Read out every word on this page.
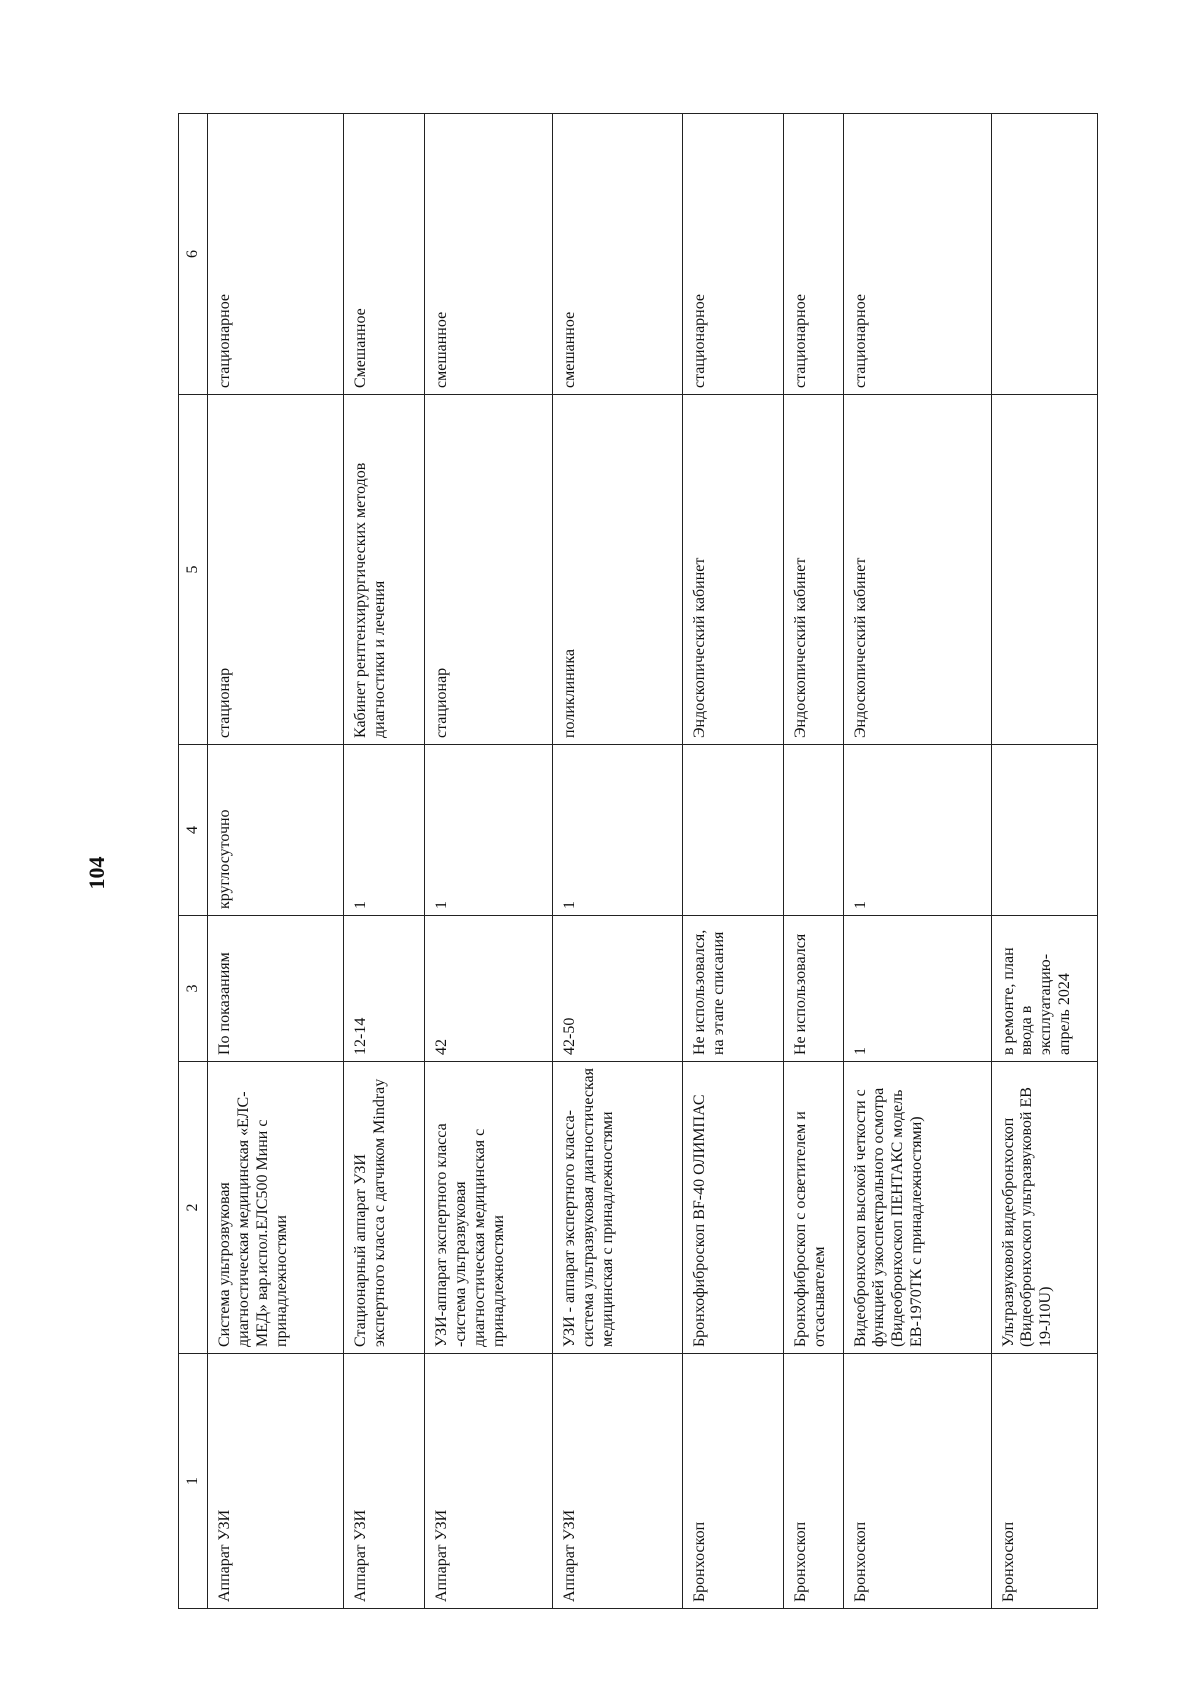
104
1	2	3	4	5	6
Аппарат УЗИ	Система ультрозвуковая диагностическая медицинская «ЕЛС-МЕД» вар.испол.ЕЛС500 Мини с принадлежностями	По показаниям	круглосуточно	стационар	стационарное
Аппарат УЗИ	Стационарный аппарат УЗИ экспертного класса с датчиком Mindray	12-14	1	Кабинет рентгенхирургических методов диагностики и лечения	Смешанное
Аппарат УЗИ	УЗИ-аппарат экспертного класса -система ультразвуковая диагностическая медицинская с принадлежностями	42	1	стационар	смешанное
Аппарат УЗИ	УЗИ - аппарат экспертного класса- система ультразвуковая диагностическая медицинская с принадлежностями	42-50	1	поликлиника	смешанное
Бронхоскоп	Бронхофиброскоп BF-40 ОЛИМПАС	Не использовался, на этапе списания		Эндоскопический кабинет	стационарное
Бронхоскоп	Бронхофиброскоп с осветителем и отсасывателем	Не использовался		Эндоскопический кабинет	стационарное
Бронхоскоп	Видеобронхоскоп высокой четкости с функцией узкоспектрального осмотра (Видеобронхоскоп ПЕНТАКС модель ЕВ-1970ТК с принадлежностями)	1	1	Эндоскопический кабинет	стационарное
Бронхоскоп	Ультразвуковой видеобронхоскоп (Видеобронхоскоп ультразвуковой EB 19-J10U)	в ремонте, план ввода в эксплуатацию-апрель 2024			
